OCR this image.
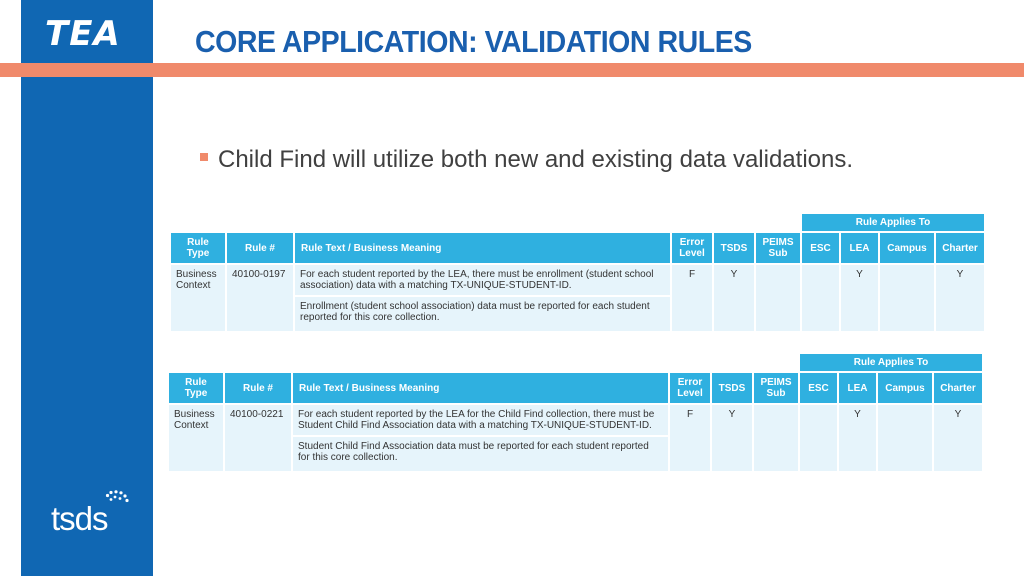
TEA
tsds
CORE APPLICATION: VALIDATION RULES
Child Find will utilize both new and existing data validations.
						Rule Applies To			
Rule Type	Rule #	Rule Text / Business Meaning	Error Level	TSDS	PEIMS Sub	ESC	LEA	Campus	Charter
Business Context	40100-0197	For each student reported by the LEA, there must be enrollment (student school association) data with a matching TX-UNIQUE-STUDENT-ID.	F	Y			Y		Y
		Enrollment (student school association) data must be reported for each student reported for this core collection.							
						Rule Applies To			
Rule Type	Rule #	Rule Text / Business Meaning	Error Level	TSDS	PEIMS Sub	ESC	LEA	Campus	Charter
Business Context	40100-0221	For each student reported by the LEA for the Child Find collection, there must be Student Child Find Association data with a matching TX-UNIQUE-STUDENT-ID.	F	Y			Y		Y
		Student Child Find Association data must be reported for each student reported for this core collection.							
